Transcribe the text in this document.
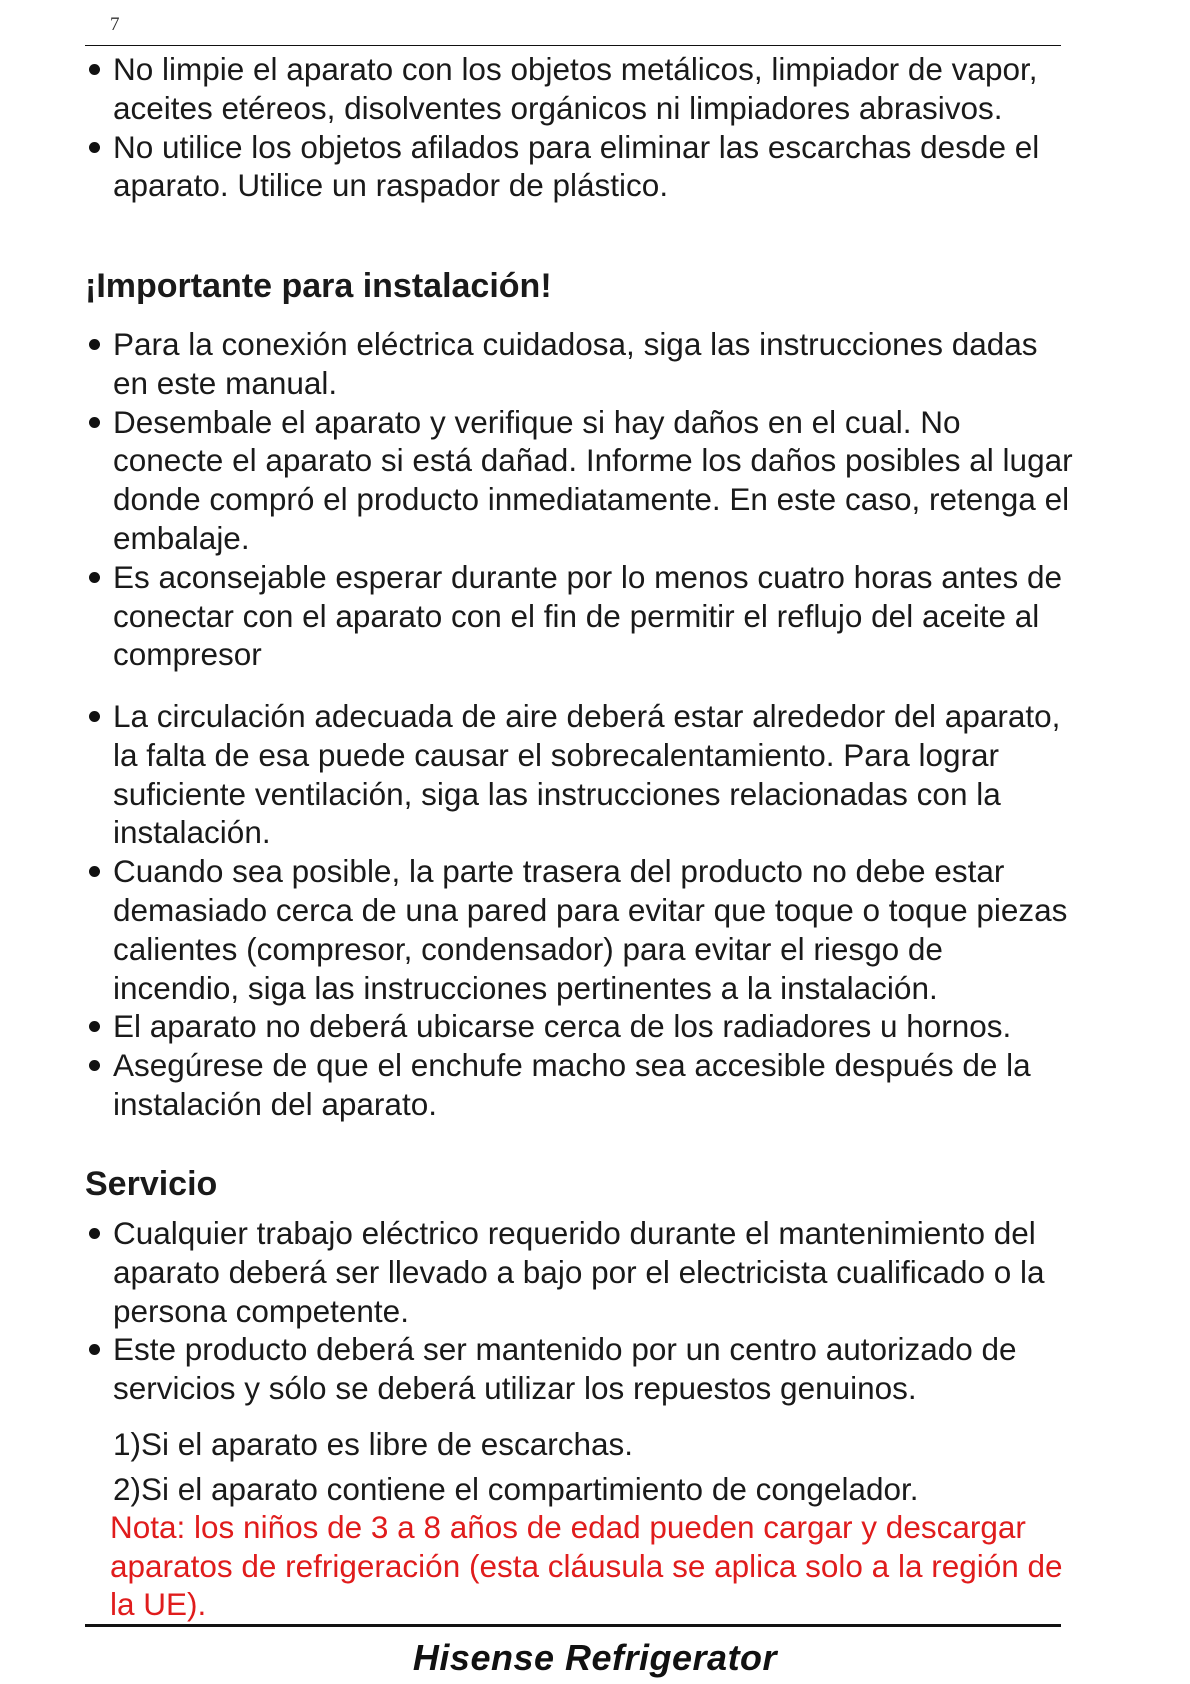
7
No limpie el aparato con los objetos metálicos, limpiador de vapor, aceites etéreos, disolventes orgánicos ni limpiadores abrasivos.
No utilice los objetos afilados para eliminar las escarchas desde el aparato. Utilice un raspador de plástico.
¡Importante para instalación!
Para la conexión eléctrica cuidadosa, siga las instrucciones dadas en este manual.
Desembale el aparato y verifique si hay daños en el cual. No conecte el aparato si está dañad. Informe los daños posibles al lugar donde compró el producto inmediatamente. En este caso, retenga el embalaje.
Es aconsejable esperar durante por lo menos cuatro horas antes de conectar con el aparato con el fin de permitir el reflujo del aceite al compresor
La circulación adecuada de aire deberá estar alrededor del aparato, la falta de esa puede causar el sobrecalentamiento. Para lograr suficiente ventilación, siga las instrucciones relacionadas con la instalación.
Cuando sea posible, la parte trasera del producto no debe estar demasiado cerca de una pared para evitar que toque o toque piezas calientes (compresor, condensador) para evitar el riesgo de incendio, siga las instrucciones pertinentes a la instalación.
El aparato no deberá ubicarse cerca de los radiadores u hornos.
Asegúrese de que el enchufe macho sea accesible después de la instalación del aparato.
Servicio
Cualquier trabajo eléctrico requerido durante el mantenimiento del aparato deberá ser llevado a bajo por el electricista cualificado o la persona competente.
Este producto deberá ser mantenido por un centro autorizado de servicios y sólo se deberá utilizar los repuestos genuinos.

1)Si el aparato es libre de escarchas.

2)Si el aparato contiene el compartimiento de congelador.

Nota: los niños de 3 a 8 años de edad pueden cargar y descargar aparatos de refrigeración (esta cláusula se aplica solo a la región de la UE).

Hisense Refrigerator
